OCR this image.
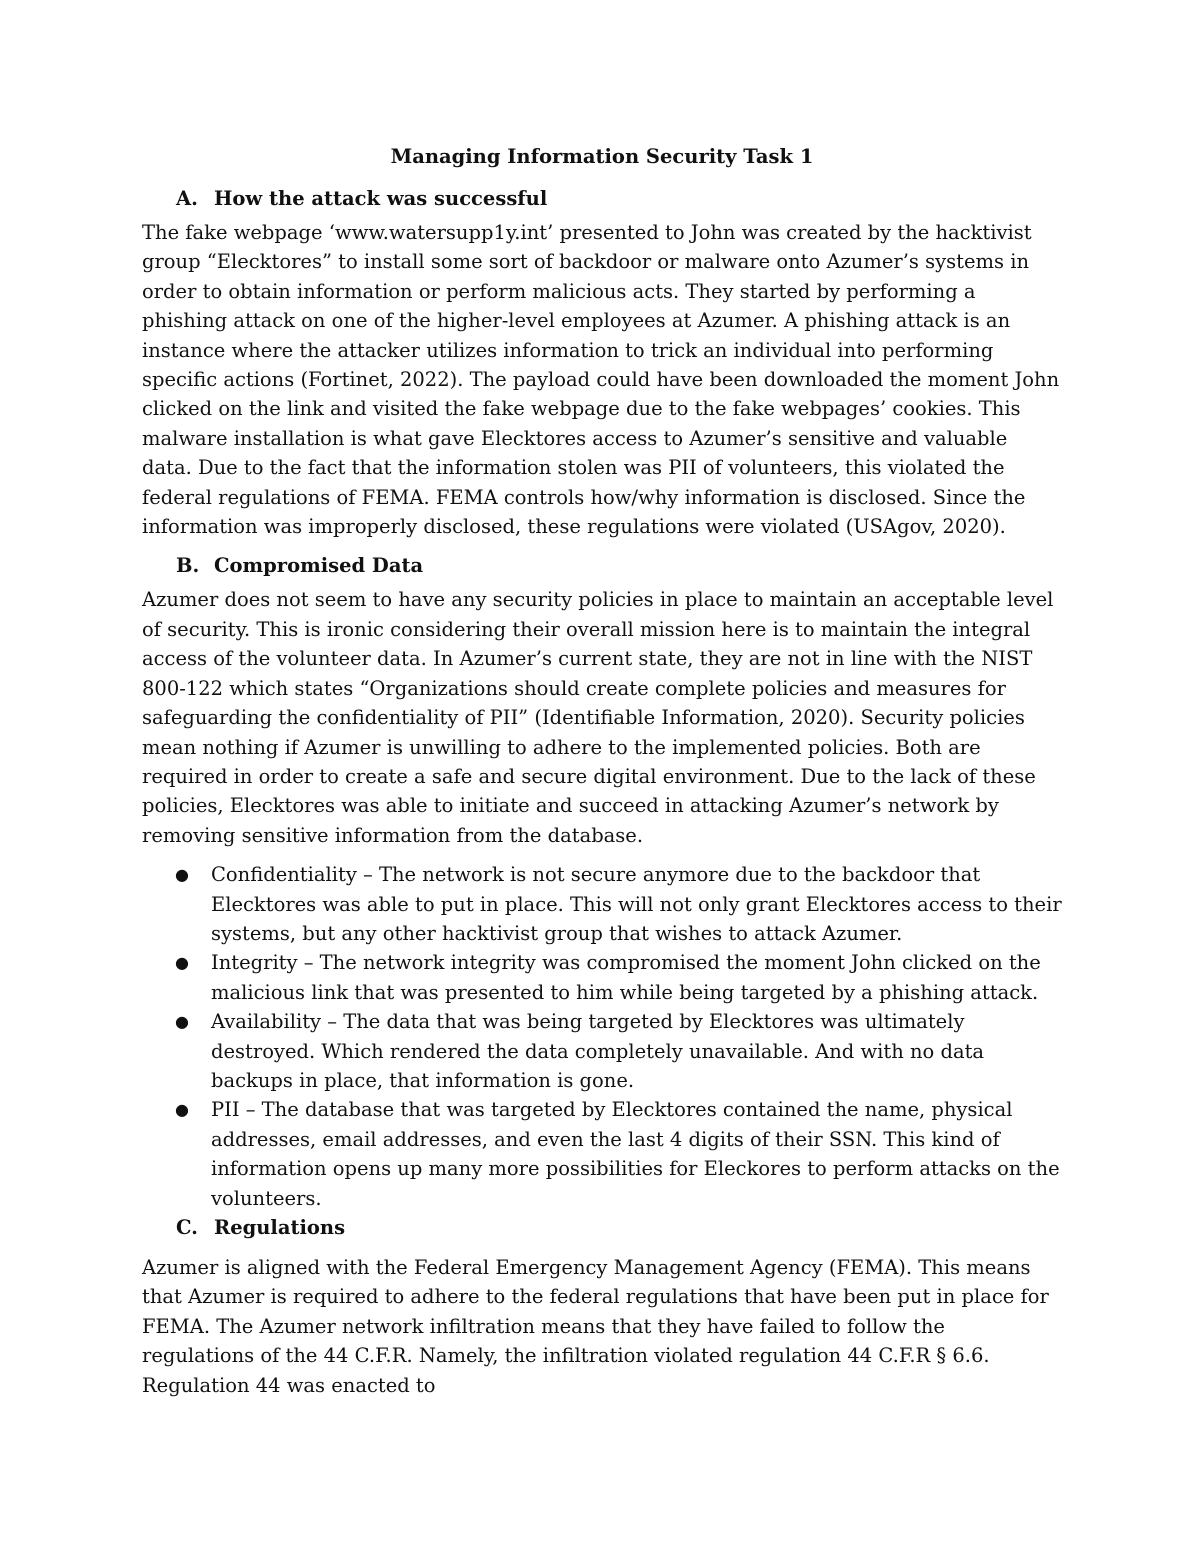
Managing Information Security Task 1
A. How the attack was successful

The fake webpage ‘www.watersupp1y.int’ presented to John was created by the hacktivist group “Elecktores” to install some sort of backdoor or malware onto Azumer’s systems in order to obtain information or perform malicious acts. They started by performing a phishing attack on one of the higher-level employees at Azumer. A phishing attack is an instance where the attacker utilizes information to trick an individual into performing specific actions (Fortinet, 2022). The payload could have been downloaded the moment John clicked on the link and visited the fake webpage due to the fake webpages’ cookies. This malware installation is what gave Elecktores access to Azumer’s sensitive and valuable data. Due to the fact that the information stolen was PII of volunteers, this violated the federal regulations of FEMA. FEMA controls how/why information is disclosed. Since the information was improperly disclosed, these regulations were violated (USAgov, 2020).

B. Compromised Data

Azumer does not seem to have any security policies in place to maintain an acceptable level of security. This is ironic considering their overall mission here is to maintain the integral access of the volunteer data. In Azumer’s current state, they are not in line with the NIST 800-122 which states “Organizations should create complete policies and measures for safeguarding the confidentiality of PII” (Identifiable Information, 2020). Security policies mean nothing if Azumer is unwilling to adhere to the implemented policies. Both are required in order to create a safe and secure digital environment. Due to the lack of these policies, Elecktores was able to initiate and succeed in attacking Azumer’s network by removing sensitive information from the database.

● Confidentiality – The network is not secure anymore due to the backdoor that Elecktores was able to put in place. This will not only grant Elecktores access to their systems, but any other hacktivist group that wishes to attack Azumer.
● Integrity – The network integrity was compromised the moment John clicked on the malicious link that was presented to him while being targeted by a phishing attack.
● Availability – The data that was being targeted by Elecktores was ultimately destroyed. Which rendered the data completely unavailable. And with no data backups in place, that information is gone.
● PII – The database that was targeted by Elecktores contained the name, physical addresses, email addresses, and even the last 4 digits of their SSN. This kind of information opens up many more possibilities for Eleckores to perform attacks on the volunteers.
C. Regulations

Azumer is aligned with the Federal Emergency Management Agency (FEMA). This means that Azumer is required to adhere to the federal regulations that have been put in place for FEMA. The Azumer network infiltration means that they have failed to follow the regulations of the 44 C.F.R. Namely, the infiltration violated regulation 44 C.F.R § 6.6. Regulation 44 was enacted to
